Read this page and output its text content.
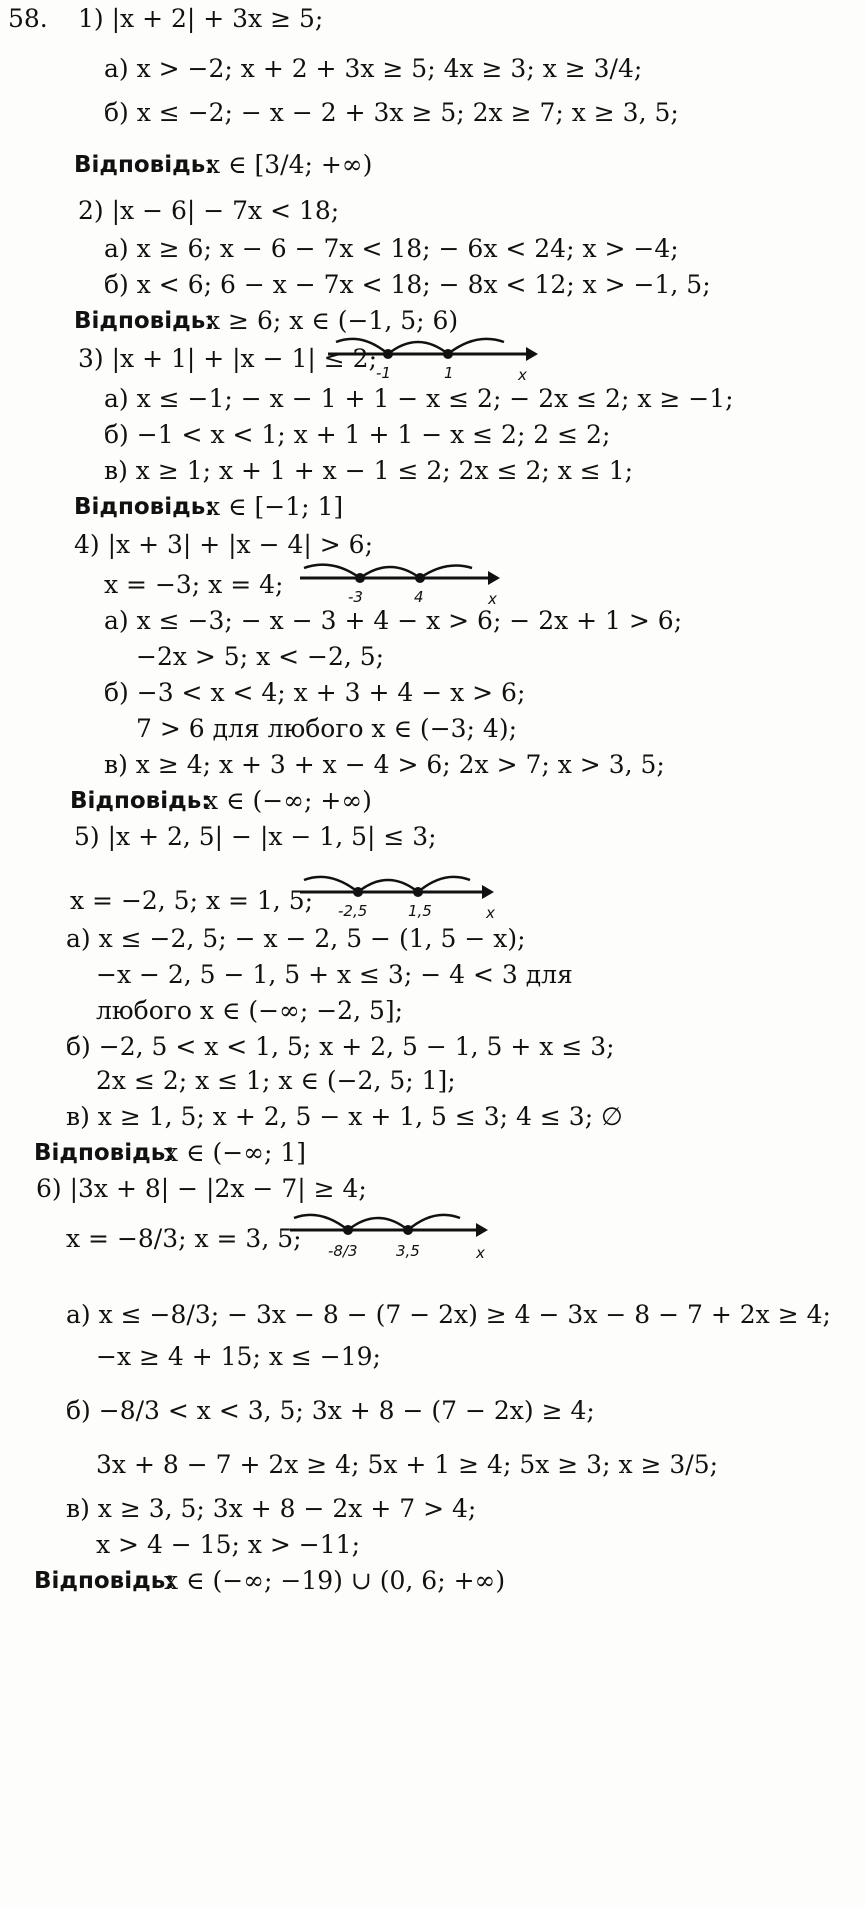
58. 1) |x + 2| + 3x ≥ 5;
а) x > −2; x + 2 + 3x ≥ 5; 4x ≥ 3; x ≥ 3/4;
б) x ≤ −2; − x − 2 + 3x ≥ 5; 2x ≥ 7; x ≥ 3, 5;
Відповідь:
x ∈ [3/4; +∞)
2) |x − 6| − 7x < 18;
а) x ≥ 6; x − 6 − 7x < 18; − 6x < 24; x > −4;
б) x < 6; 6 − x − 7x < 18; − 8x < 12; x > −1, 5;
Відповідь:
x ≥ 6; x ∈ (−1, 5; 6)
3) |x + 1| + |x − 1| ≤ 2; -1	1	x
а) x ≤ −1; − x − 1 + 1 − x ≤ 2; − 2x ≤ 2; x ≥ −1;
б) −1 < x < 1; x + 1 + 1 − x ≤ 2; 2 ≤ 2;
в) x ≥ 1; x + 1 + x − 1 ≤ 2; 2x ≤ 2; x ≤ 1;
Відповідь:
x ∈ [−1; 1]
4) |x + 3| + |x − 4| > 6;
x = −3; x = 4;	-3	4	x
а) x ≤ −3; − x − 3 + 4 − x > 6; − 2x + 1 > 6;
−2x > 5; x < −2, 5;
б) −3 < x < 4; x + 3 + 4 − x > 6;
7 > 6 для любого x ∈ (−3; 4);
в) x ≥ 4; x + 3 + x − 4 > 6; 2x > 7; x > 3, 5;
Відповідь:
x ∈ (−∞; +∞)
5) |x + 2, 5| − |x − 1, 5| ≤ 3;
x = −2, 5; x = 1, 5; -2,5	1,5	x
а) x ≤ −2, 5; − x − 2, 5 − (1, 5 − x);
−x − 2, 5 − 1, 5 + x ≤ 3; − 4 < 3 для
любого x ∈ (−∞; −2, 5];
б) −2, 5 < x < 1, 5; x + 2, 5 − 1, 5 + x ≤ 3;
2x ≤ 2; x ≤ 1; x ∈ (−2, 5; 1];
в) x ≥ 1, 5; x + 2, 5 − x + 1, 5 ≤ 3; 4 ≤ 3; ∅
Відповідь:
x ∈ (−∞; 1]
6) |3x + 8| − |2x − 7| ≥ 4;
x = −8/3; x = 3, 5; -8/3	3,5	x
а) x ≤ −8/3; − 3x − 8 − (7 − 2x) ≥ 4 − 3x − 8 − 7 + 2x ≥ 4;
−x ≥ 4 + 15; x ≤ −19;
б) −8/3 < x < 3, 5; 3x + 8 − (7 − 2x) ≥ 4;
3x + 8 − 7 + 2x ≥ 4; 5x + 1 ≥ 4; 5x ≥ 3; x ≥ 3/5;
в) x ≥ 3, 5; 3x + 8 − 2x + 7 > 4;
x > 4 − 15; x > −11;
Відповідь:
x ∈ (−∞; −19) ∪ (0, 6; +∞)
